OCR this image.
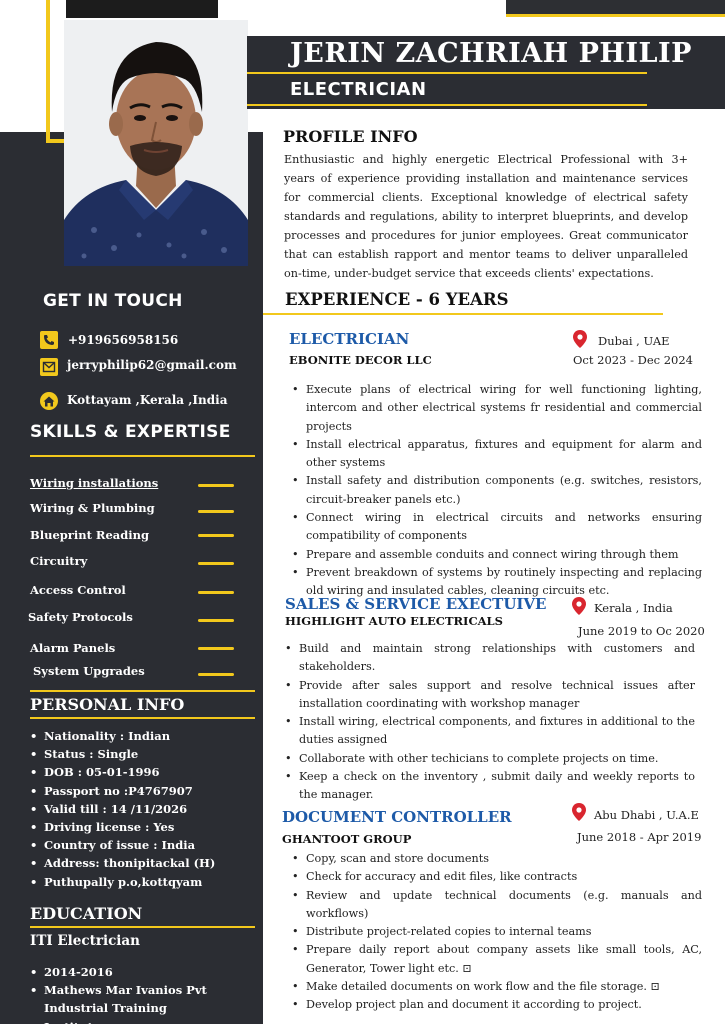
JERIN ZACHRIAH PHILIP
ELECTRICIAN
PROFILE INFO
Enthusiastic and highly energetic Electrical Professional with 3+ years of experience providing installation and maintenance services for commercial clients. Exceptional knowledge of electrical safety standards and regulations, ability to interpret blueprints, and develop processes and procedures for junior employees. Great communicator that can establish rapport and mentor teams to deliver unparalleled on-time, under-budget service that exceeds clients' expectations.
EXPERIENCE - 6 YEARS
ELECTRICIAN
EBONITE DECOR LLC
Dubai , UAE
Oct 2023 - Dec 2024
• Execute plans of electrical wiring for well functioning lighting, intercom and other electrical systems fr residential and commercial projects
• Install electrical apparatus, fixtures and equipment for alarm and other systems
• Install safety and distribution components (e.g. switches, resistors, circuit-breaker panels etc.)
• Connect wiring in electrical circuits and networks ensuring compatibility of components
• Prepare and assemble conduits and connect wiring through them
• Prevent breakdown of systems by routinely inspecting and replacing old wiring and insulated cables, cleaning circuits etc.
SALES & SERVICE EXECTUIVE
HIGHLIGHT AUTO ELECTRICALS
Kerala , India
June 2019 to Oc 2020
• Build and maintain strong relationships with customers and stakeholders.
• Provide after sales support and resolve technical issues after installation coordinating with workshop manager
• Install wiring, electrical components, and fixtures in additional to the duties assigned
• Collaborate with other techicians to complete projects on time.
• Keep a check on the inventory , submit daily and weekly reports to the manager.
DOCUMENT CONTROLLER
GHANTOOT GROUP
Abu Dhabi , U.A.E
June 2018 - Apr 2019
• Copy, scan and store documents
• Check for accuracy and edit files, like contracts
• Review and update technical documents (e.g. manuals and workflows)
• Distribute project-related copies to internal teams
• Prepare daily report about company assets like small tools, AC, Generator, Tower light etc. ⊡
• Make detailed documents on work flow and the file storage. ⊡
• Develop project plan and document it according to project.
GET IN TOUCH
+919656958156
jerryphilip62@gmail.com
Kottayam ,Kerala ,India
SKILLS & EXPERTISE
Wiring installations
Wiring & Plumbing
Blueprint Reading
Circuitry
Access Control
Safety Protocols
Alarm Panels
System Upgrades
PERSONAL INFO
• Nationality : Indian
• Status : Single
• DOB : 05-01-1996
• Passport no :P4767907
• Valid till : 14 /11/2026
• Driving license : Yes
• Country of issue : India
• Address: thonipitackal (H)
• Puthupally p.o,kottqyam
EDUCATION
ITI Electrician
• 2014-2016
• Mathews Mar Ivanios Pvt Industrial Training Institute
